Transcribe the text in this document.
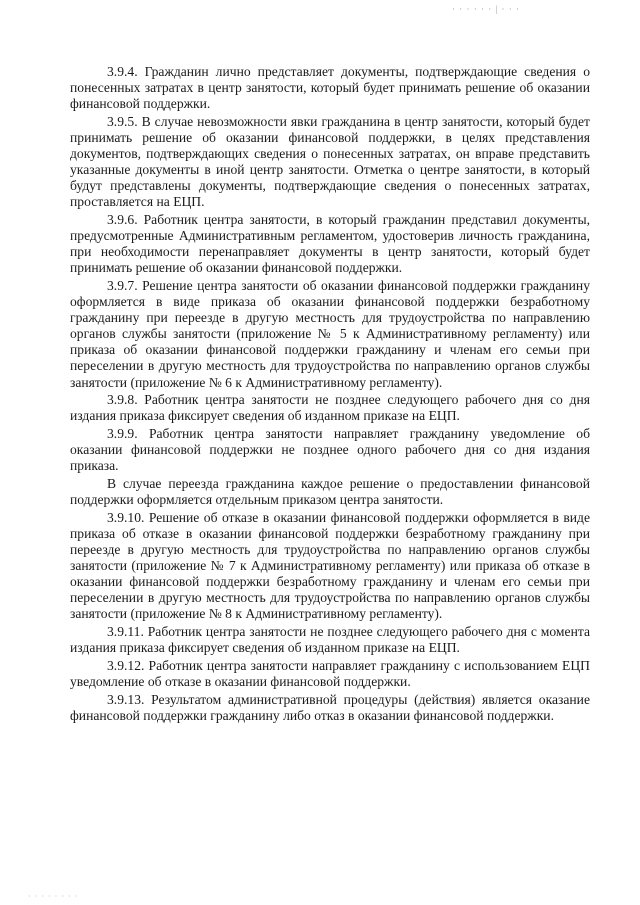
· · · · · · | · · ·

3.9.4. Гражданин лично представляет документы, подтверждающие сведения о понесенных затратах в центр занятости, который будет принимать решение об оказании финансовой поддержки.

3.9.5. В случае невозможности явки гражданина в центр занятости, который будет принимать решение об оказании финансовой поддержки, в целях представления документов, подтверждающих сведения о понесенных затратах, он вправе представить указанные документы в иной центр занятости. Отметка о центре занятости, в который будут представлены документы, подтверждающие сведения о понесенных затратах, проставляется на ЕЦП.

3.9.6. Работник центра занятости, в который гражданин представил документы, предусмотренные Административным регламентом, удостоверив личность гражданина, при необходимости перенаправляет документы в центр занятости, который будет принимать решение об оказании финансовой поддержки.

3.9.7. Решение центра занятости об оказании финансовой поддержки гражданину оформляется в виде приказа об оказании финансовой поддержки безработному гражданину при переезде в другую местность для трудоустройства по направлению органов службы занятости (приложение № 5 к Административному регламенту) или приказа об оказании финансовой поддержки гражданину и членам его семьи при переселении в другую местность для трудоустройства по направлению органов службы занятости (приложение № 6 к Административному регламенту).

3.9.8. Работник центра занятости не позднее следующего рабочего дня со дня издания приказа фиксирует сведения об изданном приказе на ЕЦП.

3.9.9. Работник центра занятости направляет гражданину уведомление об оказании финансовой поддержки не позднее одного рабочего дня со дня издания приказа.

В случае переезда гражданина каждое решение о предоставлении финансовой поддержки оформляется отдельным приказом центра занятости.

3.9.10. Решение об отказе в оказании финансовой поддержки оформляется в виде приказа об отказе в оказании финансовой поддержки безработному гражданину при переезде в другую местность для трудоустройства по направлению органов службы занятости (приложение № 7 к Административному регламенту) или приказа об отказе в оказании финансовой поддержки безработному гражданину и членам его семьи при переселении в другую местность для трудоустройства по направлению органов службы занятости (приложение № 8 к Административному регламенту).

3.9.11. Работник центра занятости не позднее следующего рабочего дня с момента издания приказа фиксирует сведения об изданном приказе на ЕЦП.

3.9.12. Работник центра занятости направляет гражданину с использованием ЕЦП уведомление об отказе в оказании финансовой поддержки.

3.9.13. Результатом административной процедуры (действия) является оказание финансовой поддержки гражданину либо отказ в оказании финансовой поддержки.

· · · · · · · ·
